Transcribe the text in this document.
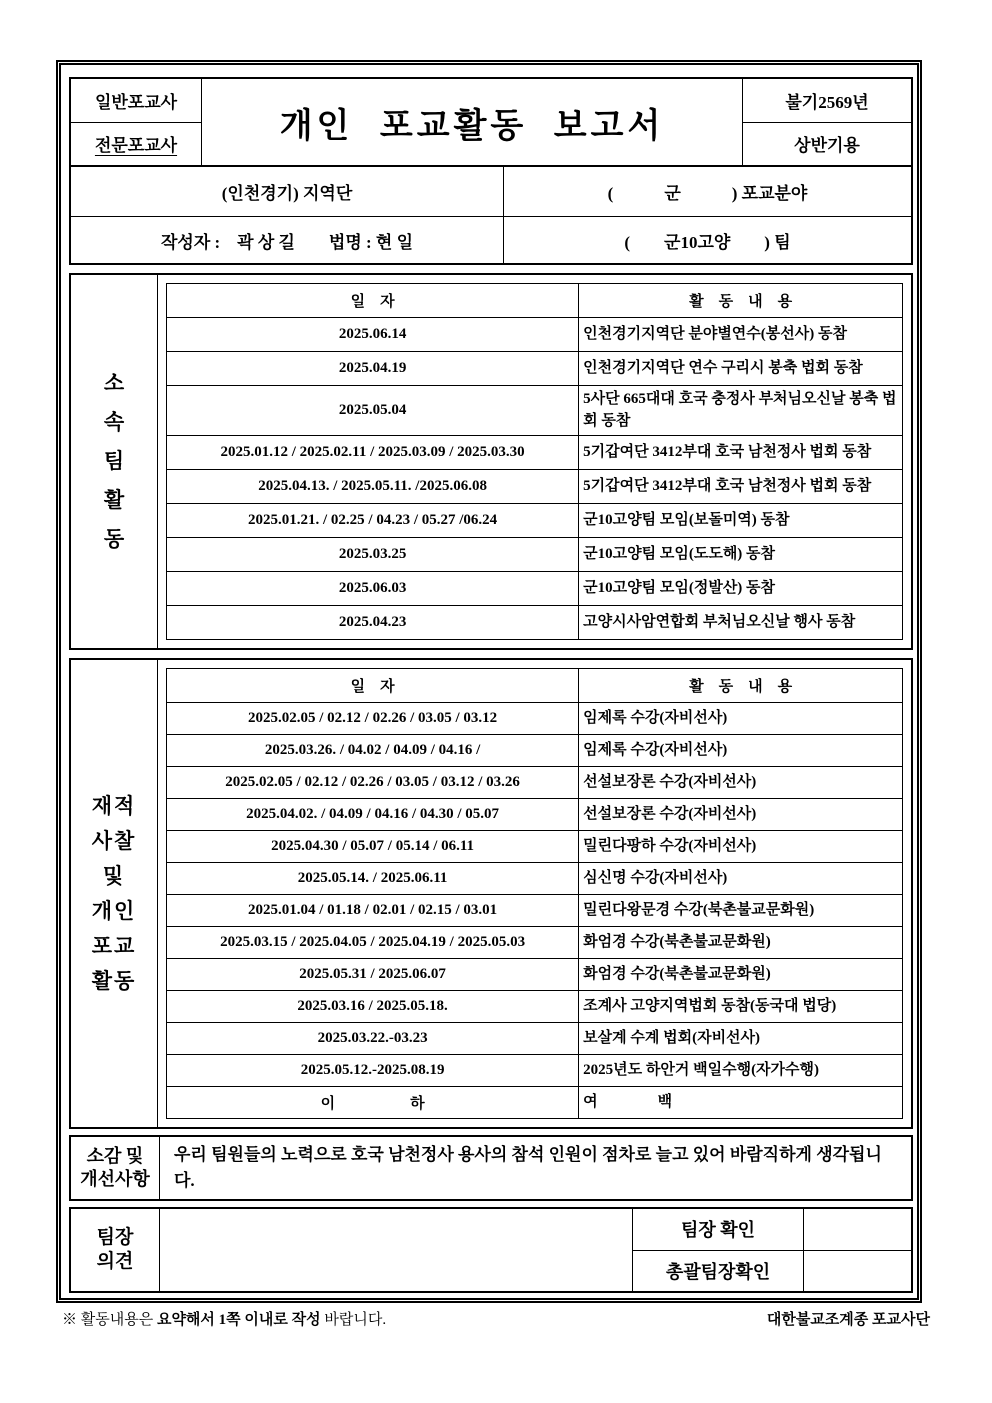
일반포교사
전문포교사
개인 포교활동 보고서
불기2569년
상반기용
(인천경기) 지역단	(　　　군　　　) 포교분야
작성자 :　곽 상 길　　법명 : 현 일	(　　군10고양　　) 팀
소
속
팀
활
동
일　자	활　동　내　용
2025.06.14	인천경기지역단 분야별연수(봉선사) 동참
2025.04.19	인천경기지역단 연수 구리시 봉축 법회 동참
2025.05.04	5사단 665대대 호국 충정사 부처님오신날 봉축 법회 동참
2025.01.12 / 2025.02.11 / 2025.03.09 / 2025.03.30	5기갑여단 3412부대 호국 남천정사 법회 동참
2025.04.13. / 2025.05.11. /2025.06.08	5기갑여단 3412부대 호국 남천정사 법회 동참
2025.01.21. / 02.25 / 04.23 / 05.27 /06.24	군10고양팀 모임(보돌미역) 동참
2025.03.25	군10고양팀 모임(도도해) 동참
2025.06.03	군10고양팀 모임(정발산) 동참
2025.04.23	고양시사암연합회 부처님오신날 행사 동참
재적
사찰
및
개인
포교
활동
일　자	활　동　내　용
2025.02.05 / 02.12 / 02.26 / 03.05 / 03.12	임제록 수강(자비선사)
2025.03.26. / 04.02 / 04.09 / 04.16 /	임제록 수강(자비선사)
2025.02.05 / 02.12 / 02.26 / 03.05 / 03.12 / 03.26	선설보장론 수강(자비선사)
2025.04.02. / 04.09 / 04.16 / 04.30 / 05.07	선설보장론 수강(자비선사)
2025.04.30 / 05.07 / 05.14 / 06.11	밀린다팡하 수강(자비선사)
2025.05.14. / 2025.06.11	심신명 수강(자비선사)
2025.01.04 / 01.18 / 02.01 / 02.15 / 03.01	밀린다왕문경 수강(북촌불교문화원)
2025.03.15 / 2025.04.05 / 2025.04.19 / 2025.05.03	화엄경 수강(북촌불교문화원)
2025.05.31 / 2025.06.07	화엄경 수강(북촌불교문화원)
2025.03.16 / 2025.05.18.	조계사 고양지역법회 동참(동국대 법당)
2025.03.22.-03.23	보살계 수계 법회(자비선사)
2025.05.12.-2025.08.19	2025년도 하안거 백일수행(자가수행)
이　　　　　하	여　　　　백
소감 및
개선사항
우리 팀원들의 노력으로 호국 남천정사 용사의 참석 인원이 점차로 늘고 있어 바람직하게 생각됩니다.
팀장
의견
팀장 확인
총괄팀장확인
※ 활동내용은 요약해서 1쪽 이내로 작성 바랍니다.	대한불교조계종 포교사단
